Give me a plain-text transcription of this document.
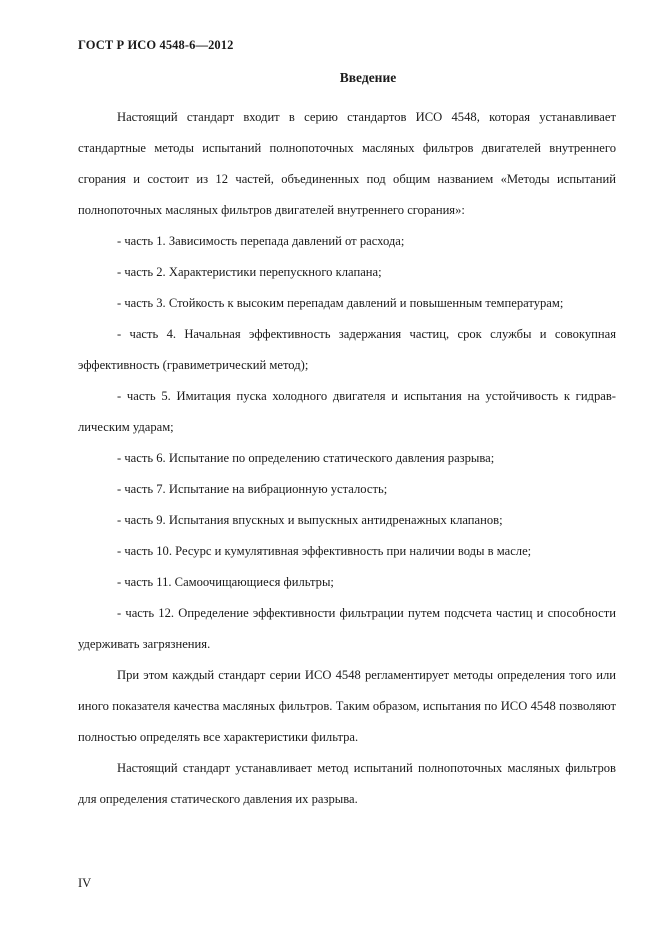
ГОСТ Р ИСО 4548-6—2012
Введение

Настоящий стандарт входит в серию стандартов ИСО 4548, которая устанавливает стандартные методы испытаний полнопоточных масляных фильтров двигателей внутреннего сгорания и состоит из 12 частей, объединенных под общим названием «Методы испытаний полнопоточных масляных фильтров двигателей внутреннего сгорания»:

- часть 1. Зависимость перепада давлений от расхода;

- часть 2. Характеристики перепускного клапана;

- часть 3. Стойкость к высоким перепадам давлений и повышенным температурам;

- часть 4. Начальная эффективность задержания частиц, срок службы и совокупная эффективность (гравиметрический метод);

- часть 5. Имитация пуска холодного двигателя и испытания на устойчивость к гидравлическим ударам;

- часть 6. Испытание по определению статического давления разрыва;

- часть 7. Испытание на вибрационную усталость;

- часть 9. Испытания впускных и выпускных антидренажных клапанов;

- часть 10. Ресурс и кумулятивная эффективность при наличии воды в масле;

- часть 11. Самоочищающиеся фильтры;

- часть 12. Определение эффективности фильтрации путем подсчета частиц и способности удерживать загрязнения.

При этом каждый стандарт серии ИСО 4548 регламентирует методы определения того или иного показателя качества масляных фильтров. Таким образом, испытания по ИСО 4548 позволяют полностью определять все характеристики фильтра.

Настоящий стандарт устанавливает метод испытаний полнопоточных масляных фильтров для определения статического давления их разрыва.

IV
